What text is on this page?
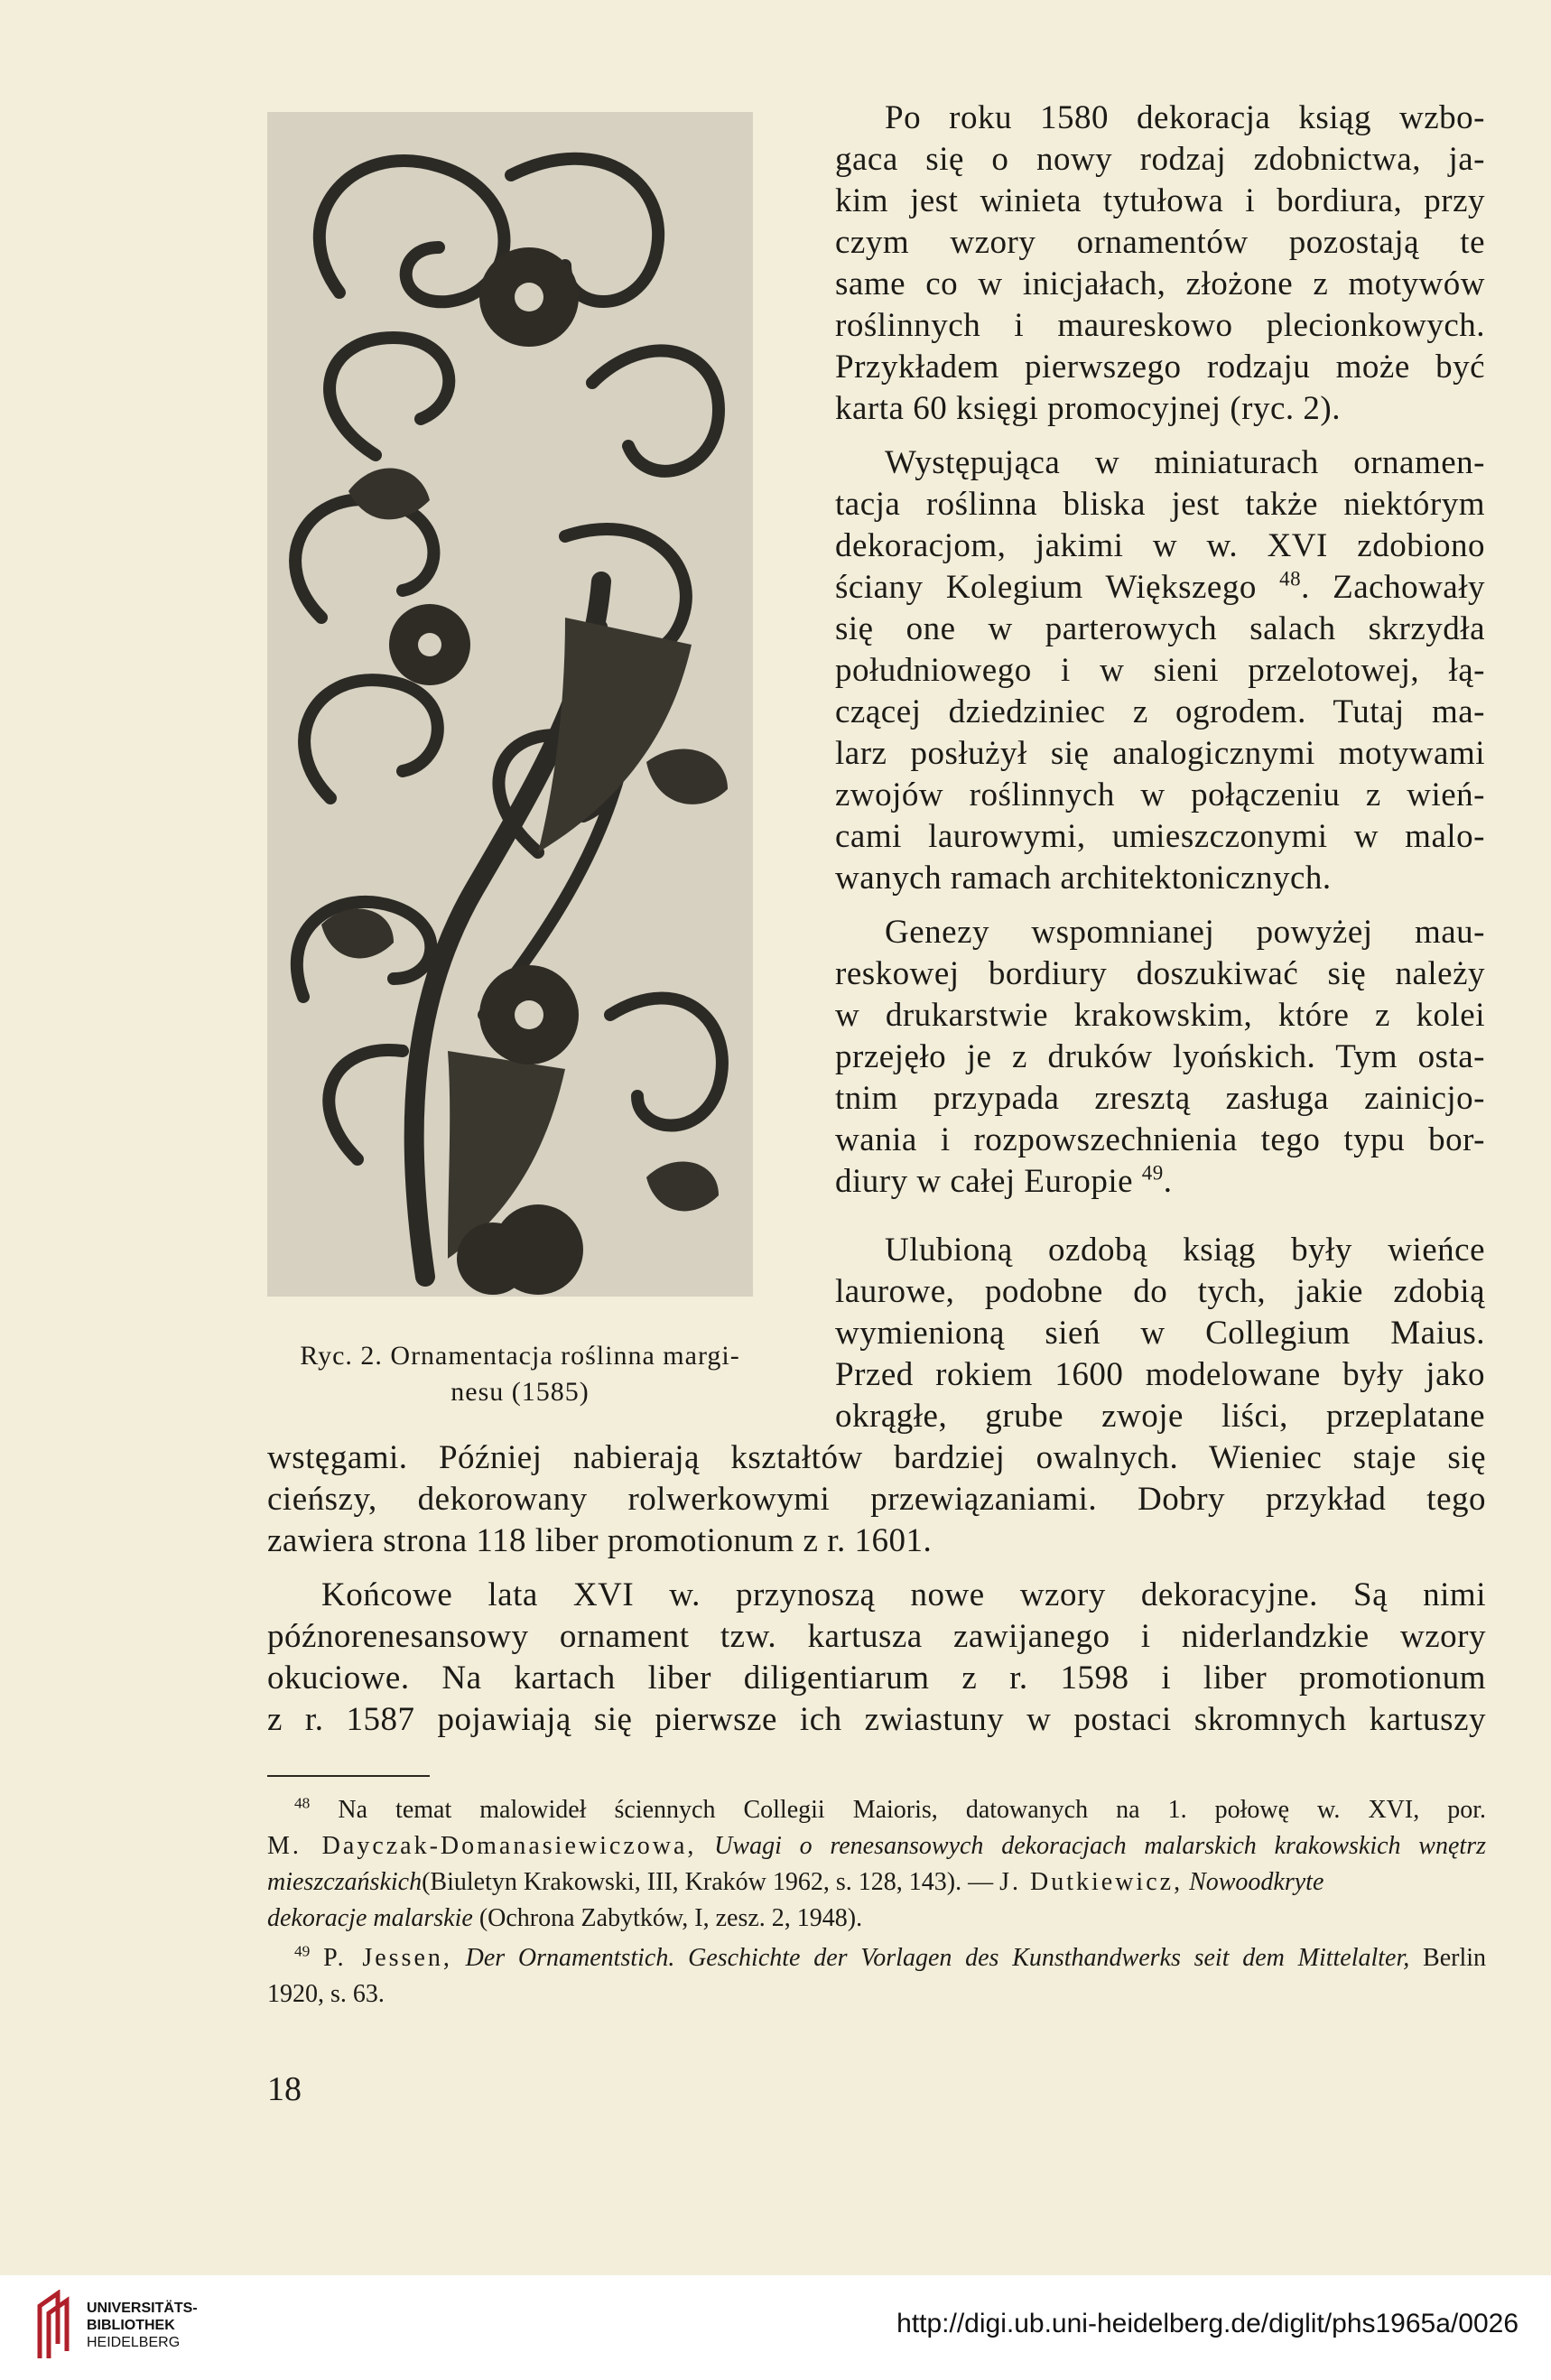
Ryc. 2. Ornamentacja roślinna margi-
nesu (1585)
Po roku 1580 dekoracja ksiąg wzbo-
gaca się o nowy rodzaj zdobnictwa, ja-
kim jest winieta tytułowa i bordiura, przy
czym wzory ornamentów pozostają te
same co w inicjałach, złożone z motywów
roślinnych i maureskowo plecionkowych.
Przykładem pierwszego rodzaju może być
karta 60 księgi promocyjnej (ryc. 2).
Występująca w miniaturach ornamen-
tacja roślinna bliska jest także niektórym
dekoracjom, jakimi w w. XVI zdobiono
ściany Kolegium Większego $^{48}$. Zachowały
się one w parterowych salach skrzydła
południowego i w sieni przelotowej, łą-
czącej dziedziniec z ogrodem. Tutaj ma-
larz posłużył się analogicznymi motywami
zwojów roślinnych w połączeniu z wień-
cami laurowymi, umieszczonymi w malo-
wanych ramach architektonicznych.
Genezy wspomnianej powyżej mau-
reskowej bordiury doszukiwać się należy
w drukarstwie krakowskim, które z kolei
przejęło je z druków lyońskich. Tym osta-
tnim przypada zresztą zasługa zainicjo-
wania i rozpowszechnienia tego typu bor-
diury w całej Europie $^{49}$.
Ulubioną ozdobą ksiąg były wieńce
laurowe, podobne do tych, jakie zdobią
wymienioną sień w Collegium Maius.
Przed rokiem 1600 modelowane były jako
okrągłe, grube zwoje liści, przeplatane
wstęgami. Później nabierają kształtów bardziej owalnych. Wieniec staje się
cieńszy, dekorowany rolwerkowymi przewiązaniami. Dobry przykład tego
zawiera strona 118 liber promotionum z r. 1601.
Końcowe lata XVI w. przynoszą nowe wzory dekoracyjne. Są nimi
późnorenesansowy ornament tzw. kartusza zawijanego i niderlandzkie wzory
okuciowe. Na kartach liber diligentiarum z r. 1598 i liber promotionum
z r. 1587 pojawiają się pierwsze ich zwiastuny w postaci skromnych kartuszy
$^{48}$ Na temat malowideł ściennych Collegii Maioris, datowanych na 1. połowę w. XVI, por.
M. Dayczak-Domanasiewiczowa, Uwagi o renesansowych dekoracjach malarskich krakowskich wnętrz
mieszczańskich(Biuletyn Krakowski, III, Kraków 1962, s. 128, 143). — J. Dutkiewicz, Nowoodkryte
dekoracje malarskie (Ochrona Zabytków, I, zesz. 2, 1948).
$^{49}$ P. Jessen, Der Ornamentstich. Geschichte der Vorlagen des Kunsthandwerks seit dem Mittelalter, Berlin
1920, s. 63.
18
UNIVERSITÄTS-
BIBLIOTHEK
HEIDELBERG
http://digi.ub.uni-heidelberg.de/diglit/phs1965a/0026
